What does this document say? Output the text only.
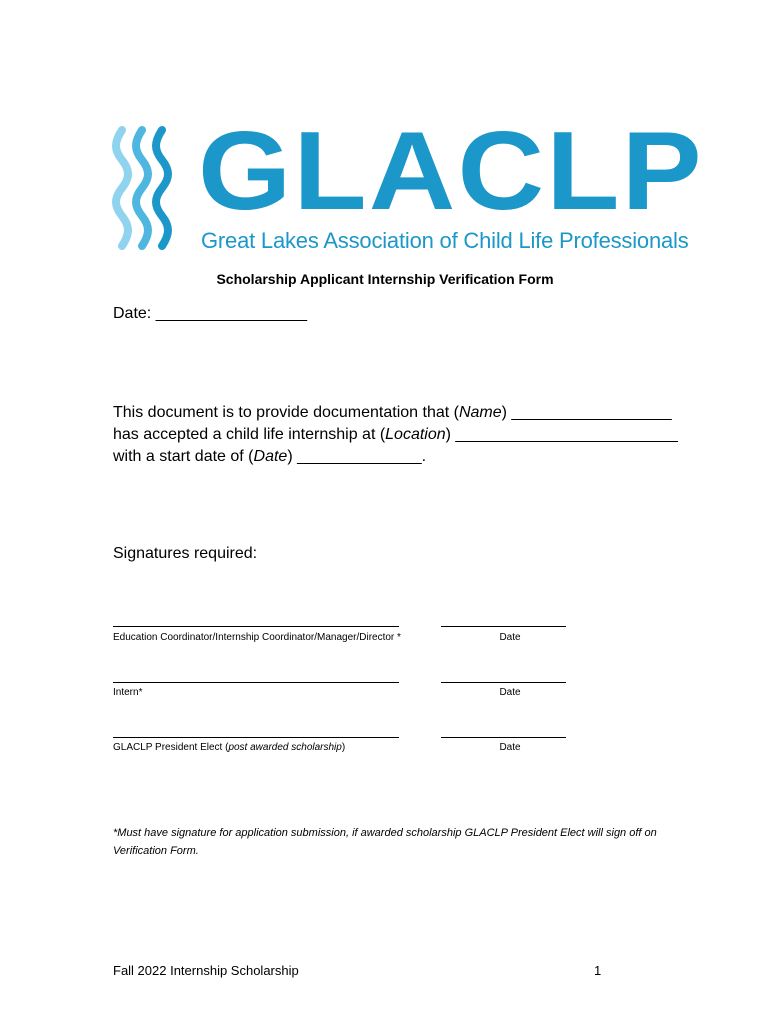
GLACLP
Great Lakes Association of Child Life Professionals
Scholarship Applicant Internship Verification Form
Date: _________________
This document is to provide documentation that (Name) __________________
has accepted a child life internship at (Location) _________________________
with a start date of (Date) ______________.
Signatures required:
Education Coordinator/Internship Coordinator/Manager/Director *	Date
Intern*	Date
GLACLP President Elect (post awarded scholarship)	Date
*Must have signature for application submission, if awarded scholarship GLACLP President Elect will sign off on Verification Form.
Fall 2022 Internship Scholarship	1
